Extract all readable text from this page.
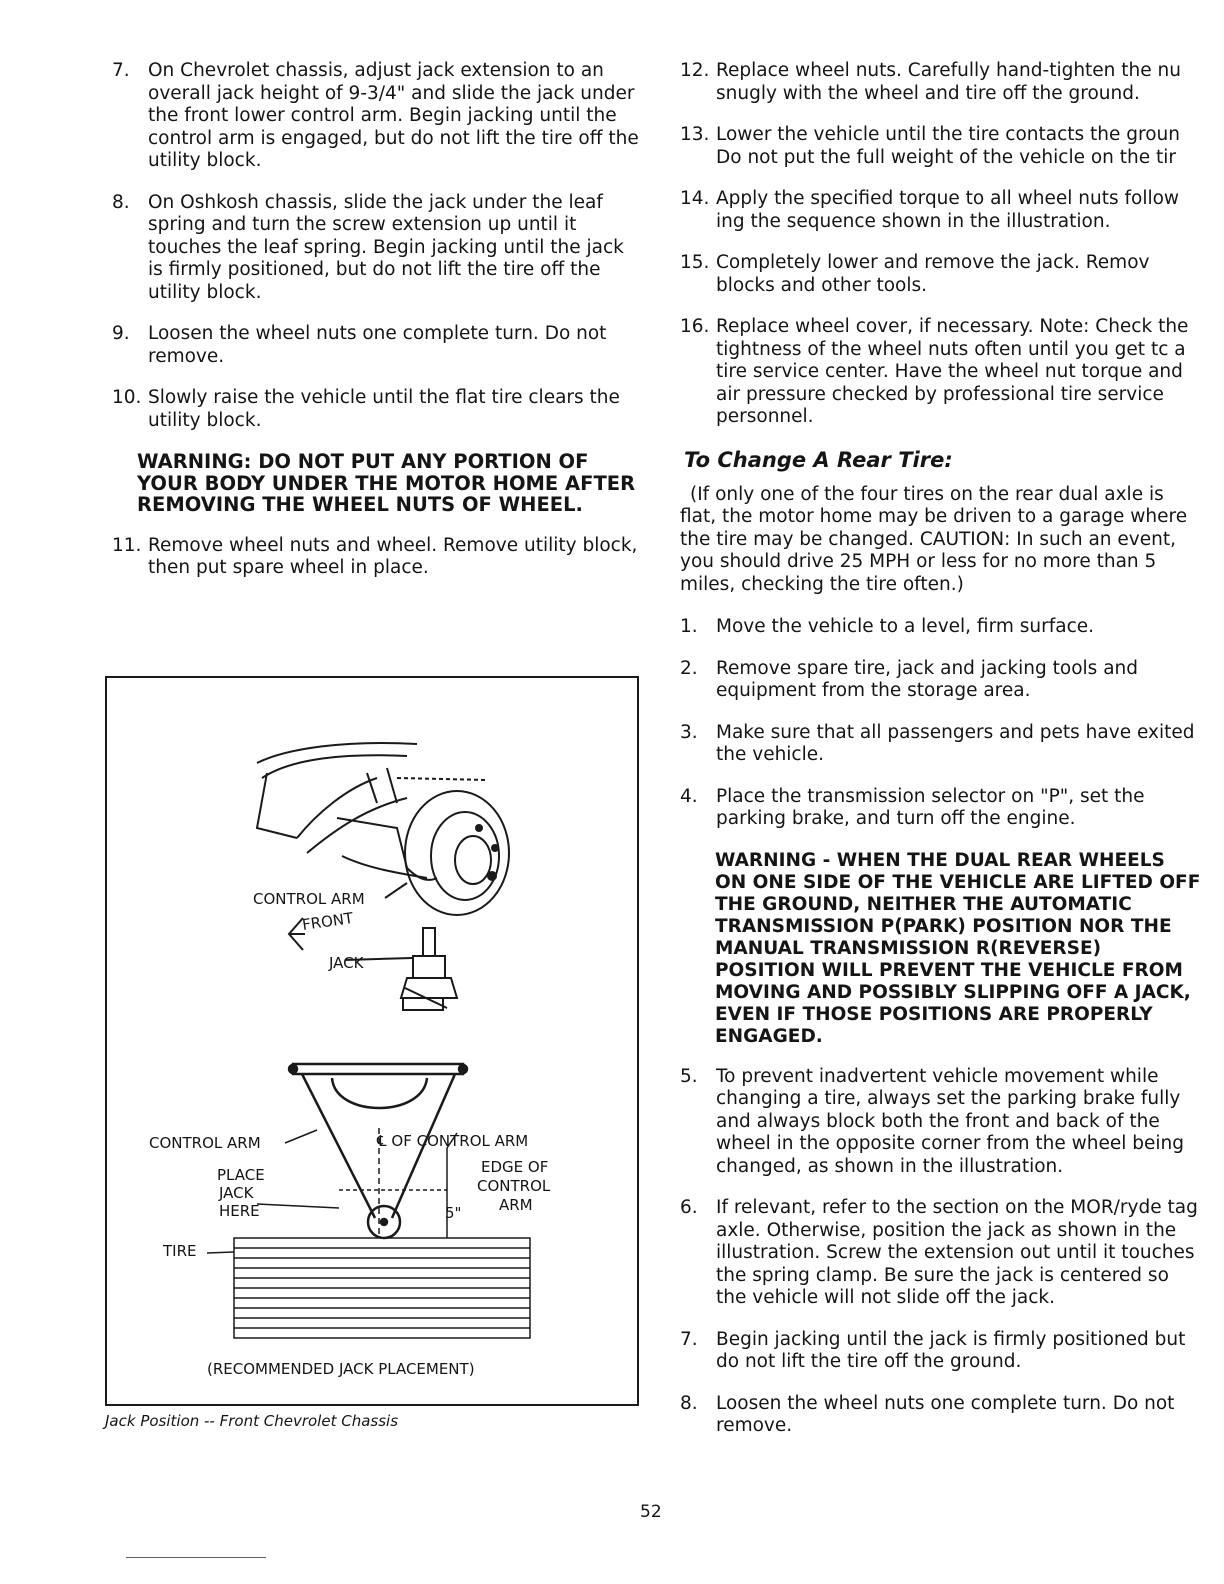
7. On Chevrolet chassis, adjust jack extension to an overall jack height of 9-3/4" and slide the jack under the front lower control arm. Begin jacking until the control arm is engaged, but do not lift the tire off the utility block.
8. On Oshkosh chassis, slide the jack under the leaf spring and turn the screw extension up until it touches the leaf spring. Begin jacking until the jack is firmly positioned, but do not lift the tire off the utility block.
9. Loosen the wheel nuts one complete turn. Do not remove.
10. Slowly raise the vehicle until the flat tire clears the utility block.
WARNING: DO NOT PUT ANY PORTION OF YOUR BODY UNDER THE MOTOR HOME AFTER REMOVING THE WHEEL NUTS OF WHEEL.
11. Remove wheel nuts and wheel. Remove utility block, then put spare wheel in place.
CONTROL ARM
FRONT
JACK
CONTROL ARM	℄ OF CONTROL ARM
PLACE
JACK
HERE
EDGE OF
CONTROL
ARM
5"
TIRE
(RECOMMENDED JACK PLACEMENT)
Jack Position -- Front Chevrolet Chassis
12. Replace wheel nuts. Carefully hand-tighten the nu snugly with the wheel and tire off the ground.
13. Lower the vehicle until the tire contacts the groun Do not put the full weight of the vehicle on the tir
14. Apply the specified torque to all wheel nuts follow ing the sequence shown in the illustration.
15. Completely lower and remove the jack. Remov blocks and other tools.
16. Replace wheel cover, if necessary. Note: Check the tightness of the wheel nuts often until you get tc a tire service center. Have the wheel nut torque and air pressure checked by professional tire service personnel.
To Change A Rear Tire:
(If only one of the four tires on the rear dual axle is flat, the motor home may be driven to a garage where the tire may be changed. CAUTION: In such an event, you should drive 25 MPH or less for no more than 5 miles, checking the tire often.)
1. Move the vehicle to a level, firm surface.
2. Remove spare tire, jack and jacking tools and equipment from the storage area.
3. Make sure that all passengers and pets have exited the vehicle.
4. Place the transmission selector on "P", set the parking brake, and turn off the engine.
WARNING - WHEN THE DUAL REAR WHEELS ON ONE SIDE OF THE VEHICLE ARE LIFTED OFF THE GROUND, NEITHER THE AUTOMATIC TRANSMISSION P(PARK) POSITION NOR THE MANUAL TRANSMISSION R(REVERSE) POSITION WILL PREVENT THE VEHICLE FROM MOVING AND POSSIBLY SLIPPING OFF A JACK, EVEN IF THOSE POSITIONS ARE PROPERLY ENGAGED.
5. To prevent inadvertent vehicle movement while changing a tire, always set the parking brake fully and always block both the front and back of the wheel in the opposite corner from the wheel being changed, as shown in the illustration.
6. If relevant, refer to the section on the MOR/ryde tag axle. Otherwise, position the jack as shown in the illustration. Screw the extension out until it touches the spring clamp. Be sure the jack is centered so the vehicle will not slide off the jack.
7. Begin jacking until the jack is firmly positioned but do not lift the tire off the ground.
8. Loosen the wheel nuts one complete turn. Do not remove.
52
